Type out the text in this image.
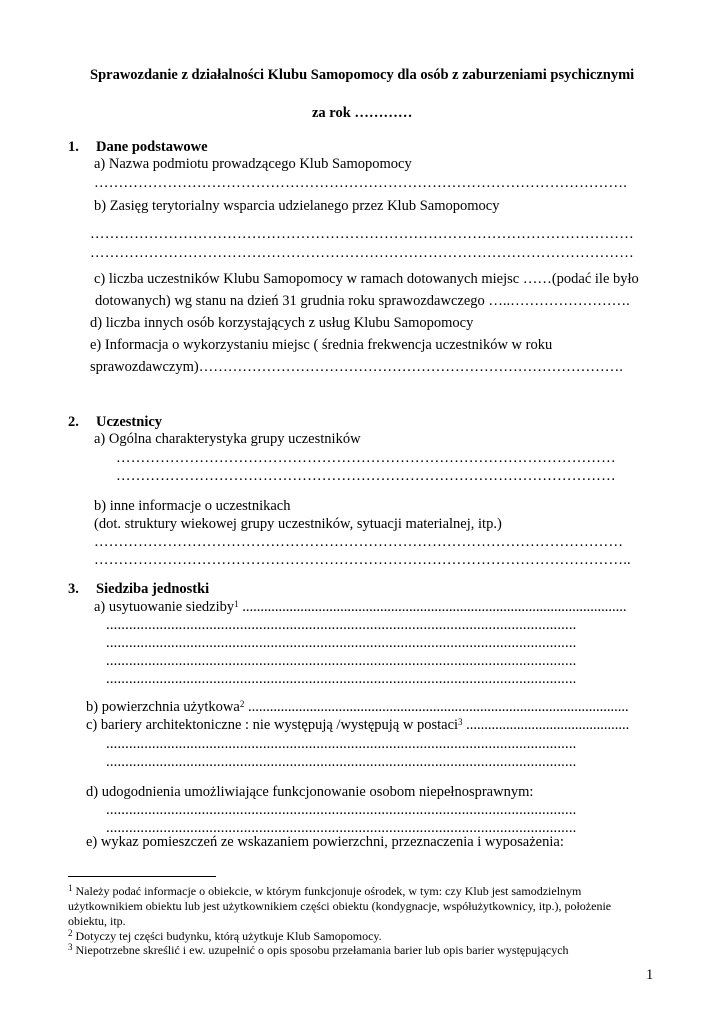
Sprawozdanie z działalności Klubu Samopomocy dla osób z zaburzeniami psychicznymi
za rok …………
1. Dane podstawowe
a) Nazwa podmiotu prowadzącego Klub Samopomocy
……………………………………………………………………………………………….
b) Zasięg terytorialny wsparcia udzielanego przez Klub Samopomocy
…………………………………………………………………………………………………
…………………………………………………………………………………………………
c) liczba uczestników Klubu Samopomocy w ramach dotowanych miejsc ……(podać ile było
dotowanych) wg stanu na dzień 31 grudnia roku sprawozdawczego …..…………………….
d) liczba innych osób korzystających z usług Klubu Samopomocy
e) Informacja o wykorzystaniu miejsc ( średnia frekwencja uczestników w roku
sprawozdawczym)…………………………………………………………………………….
2. Uczestnicy
a) Ogólna charakterystyka grupy uczestników
…………………………………………………………………………………………
…………………………………………………………………………………………
b) inne informacje o uczestnikach
(dot. struktury wiekowej grupy uczestników, sytuacji materialnej, itp.)
………………………………………………………………………………………………
………………………………………………………………………………………………..
3. Siedziba jednostki
a) usytuowanie siedziby$^1$ ..........................................................................................................
...........................................................................................................................
...........................................................................................................................
...........................................................................................................................
...........................................................................................................................
b) powierzchnia użytkowa$^2$ .........................................................................................................
c) bariery architektoniczne : nie występują /występują w postaci$^3$ .............................................
...........................................................................................................................
...........................................................................................................................
d) udogodnienia umożliwiające funkcjonowanie osobom niepełnosprawnym:
...........................................................................................................................
...........................................................................................................................
e) wykaz pomieszczeń ze wskazaniem powierzchni, przeznaczenia i wyposażenia:
$^1$ Należy podać informacje o obiekcie, w którym funkcjonuje ośrodek, w tym: czy Klub jest samodzielnym
użytkownikiem obiektu lub jest użytkownikiem części obiektu (kondygnacje, współużytkownicy, itp.), położenie
obiektu, itp.
$^2$ Dotyczy tej części budynku, którą użytkuje Klub Samopomocy.
$^3$ Niepotrzebne skreślić i ew. uzupełnić o opis sposobu przełamania barier lub opis barier występujących
1
